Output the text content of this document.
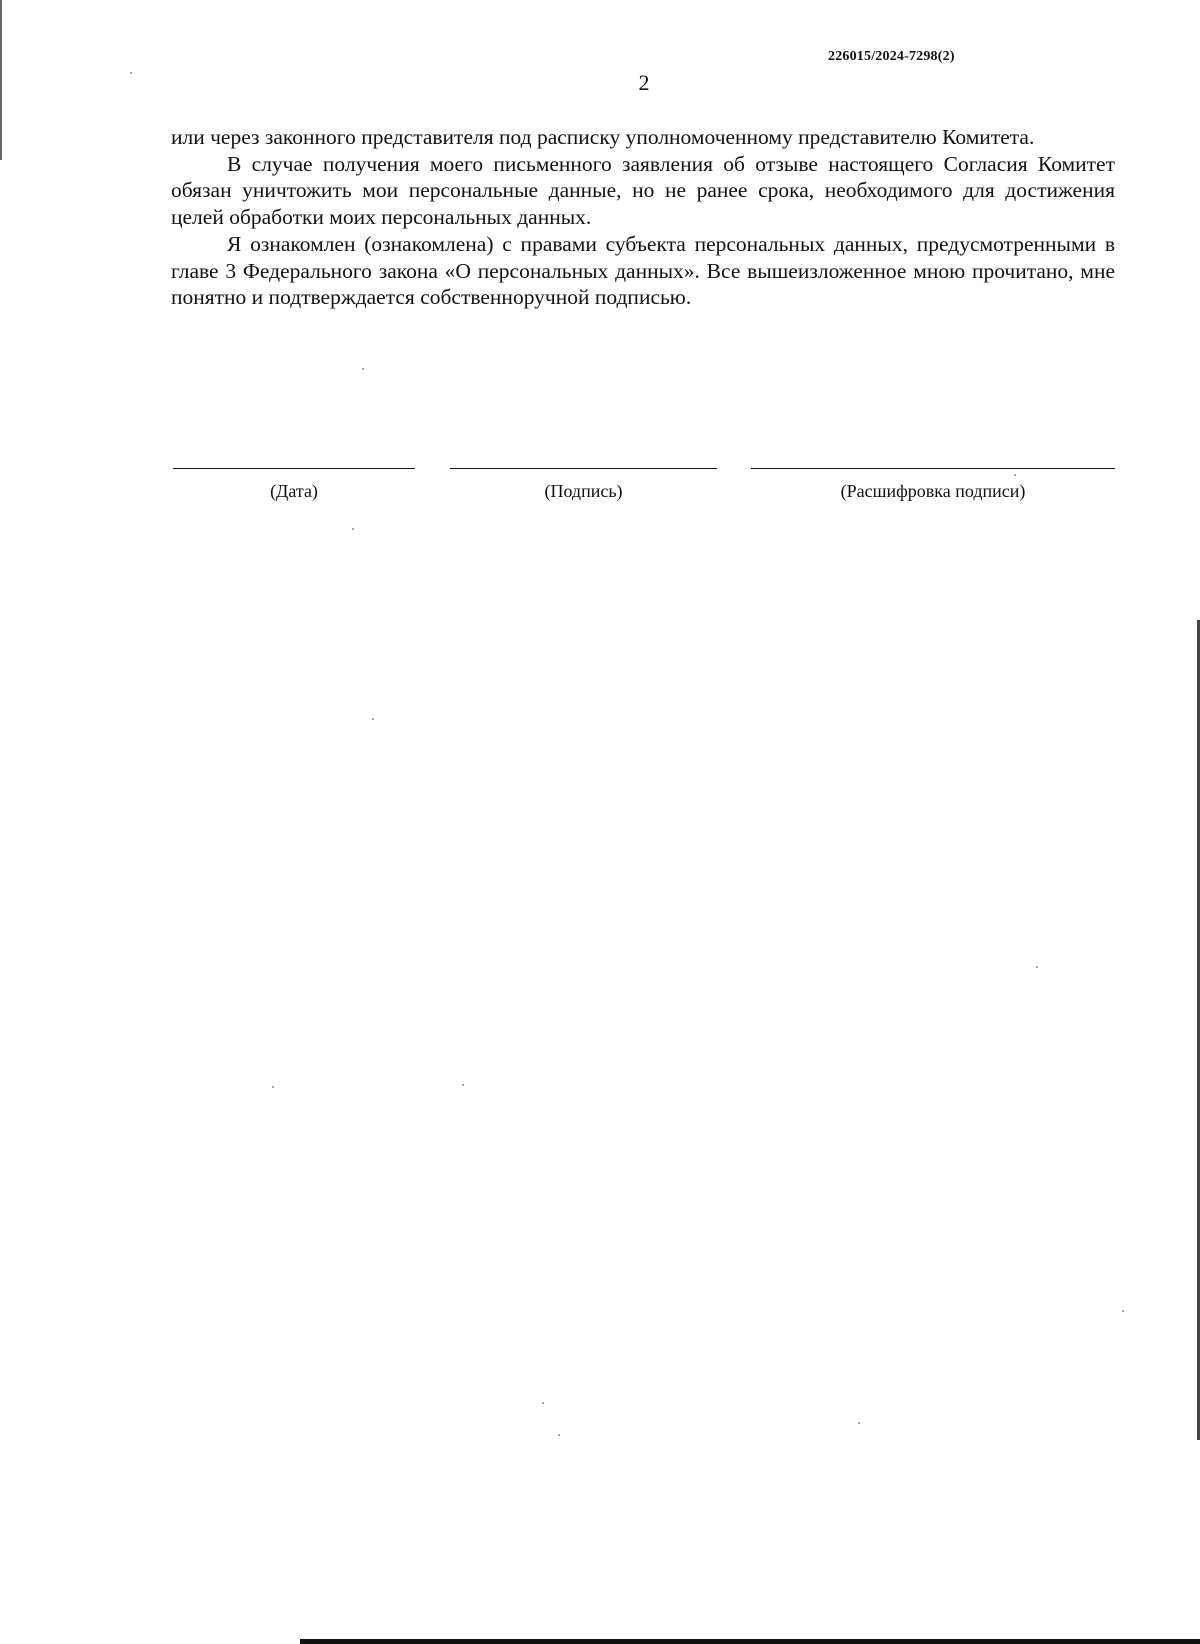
226015/2024-7298(2)
2

или через законного представителя под расписку уполномоченному представителю Комитета.

В случае получения моего письменного заявления об отзыве настоящего Согласия Комитет обязан уничтожить мои персональные данные, но не ранее срока, необходимого для достижения целей обработки моих персональных данных.

Я ознакомлен (ознакомлена) с правами субъекта персональных данных, предусмотренными в главе 3 Федерального закона «О персональных данных». Все вышеизложенное мною прочитано, мне понятно и подтверждается собственноручной подписью.

(Дата)	(Подпись)	(Расшифровка подписи)
